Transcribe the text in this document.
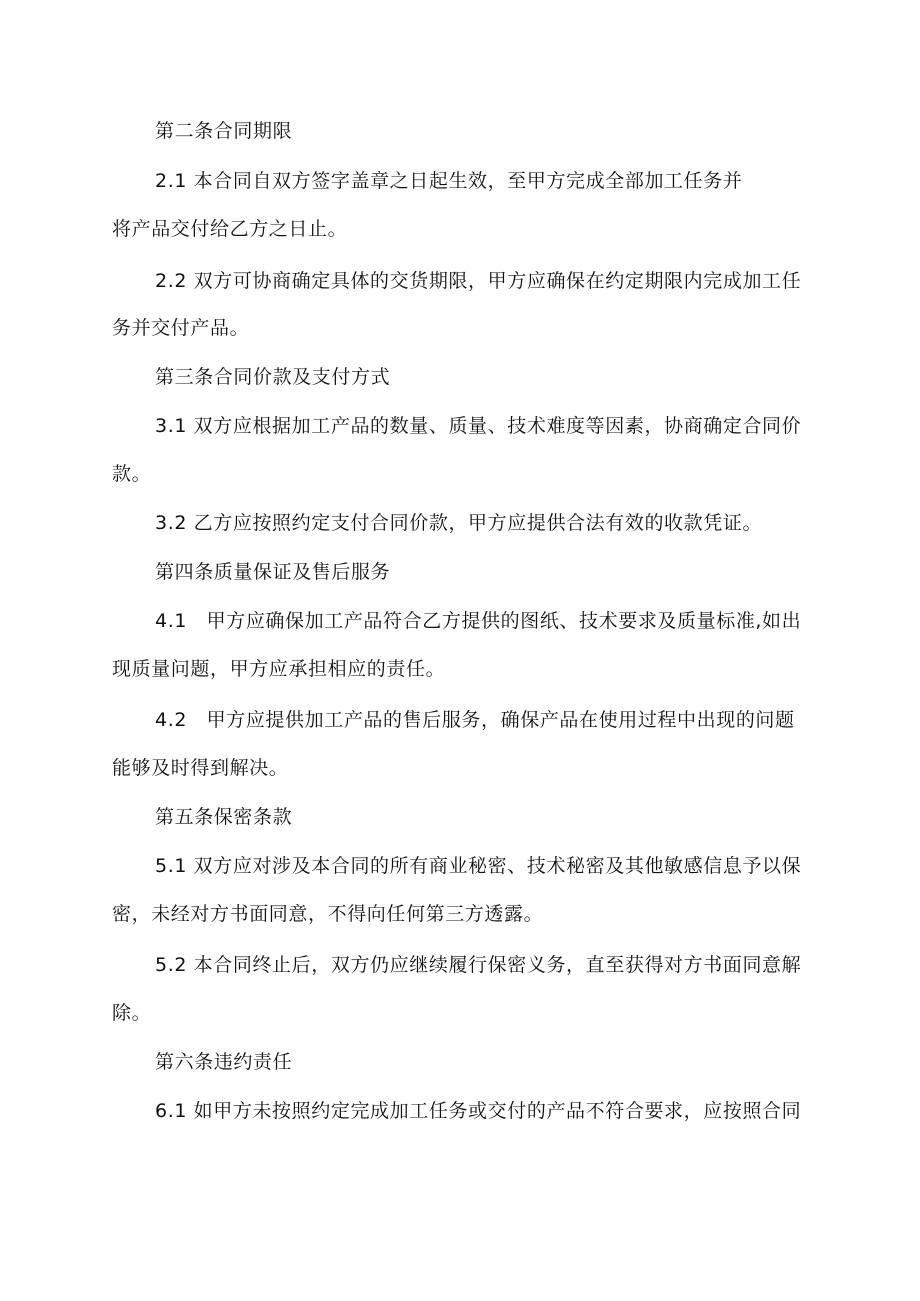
第二条合同期限

2.1 本合同自双方签字盖章之日起生效，至甲方完成全部加工任务并

将产品交付给乙方之日止。

2.2 双方可协商确定具体的交货期限，甲方应确保在约定期限内完成加工任

务并交付产品。

第三条合同价款及支付方式

3.1 双方应根据加工产品的数量、质量、技术难度等因素，协商确定合同价

款。

3.2 乙方应按照约定支付合同价款，甲方应提供合法有效的收款凭证。

第四条质量保证及售后服务

4.1　甲方应确保加工产品符合乙方提供的图纸、技术要求及质量标准,如出

现质量问题，甲方应承担相应的责任。

4.2　甲方应提供加工产品的售后服务，确保产品在使用过程中出现的问题

能够及时得到解决。

第五条保密条款

5.1 双方应对涉及本合同的所有商业秘密、技术秘密及其他敏感信息予以保

密，未经对方书面同意，不得向任何第三方透露。

5.2 本合同终止后，双方仍应继续履行保密义务，直至获得对方书面同意解

除。

第六条违约责任

6.1 如甲方未按照约定完成加工任务或交付的产品不符合要求，应按照合同
